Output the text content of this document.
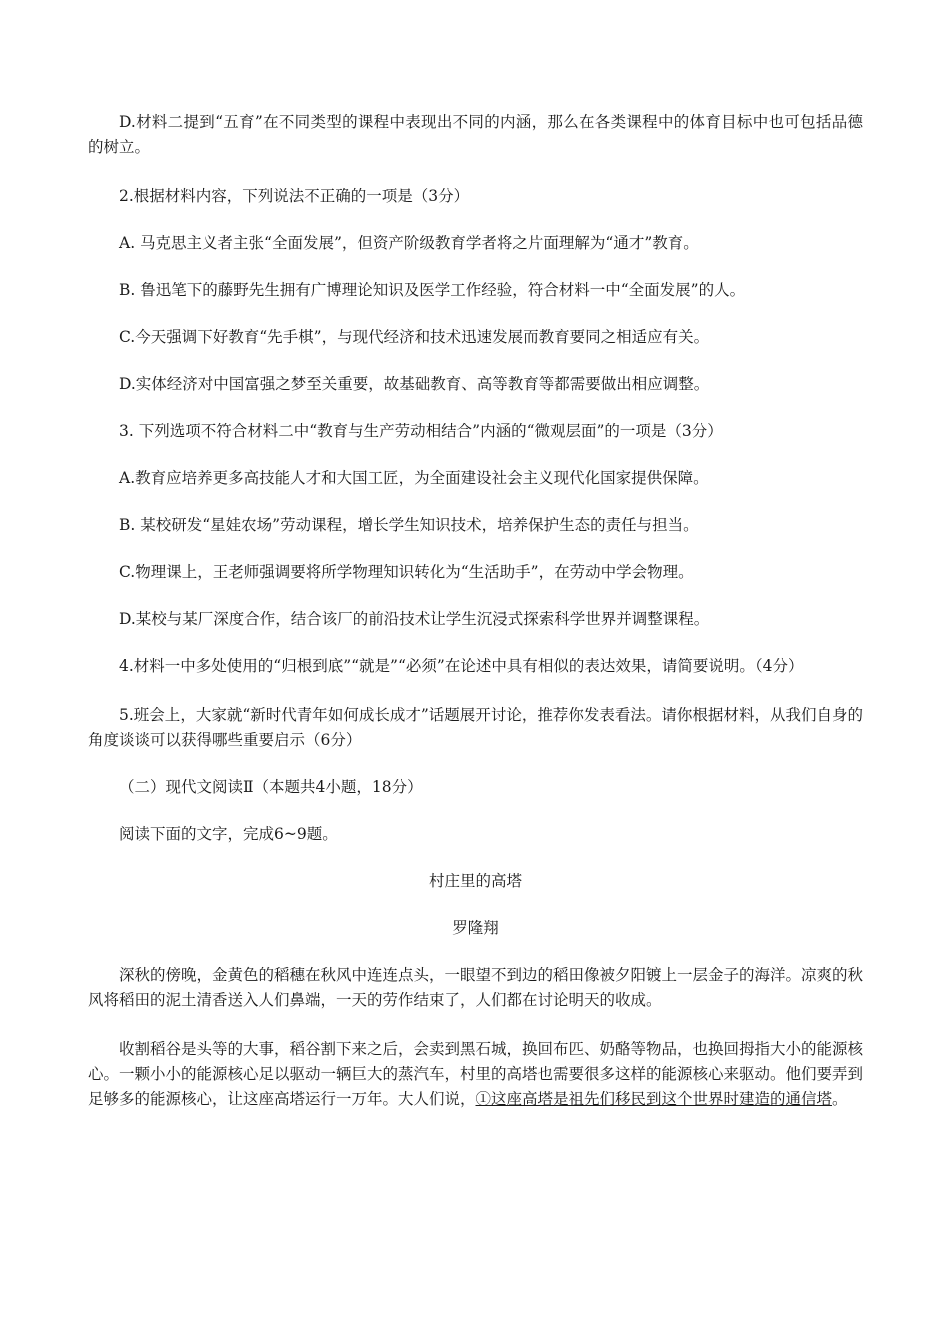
D.材料二提到“五育”在不同类型的课程中表现出不同的内涵，那么在各类课程中的体育目标中也可包括品德的树立。

2.根据材料内容，下列说法不正确的一项是（3分）

A. 马克思主义者主张“全面发展”，但资产阶级教育学者将之片面理解为“通才”教育。

B. 鲁迅笔下的藤野先生拥有广博理论知识及医学工作经验，符合材料一中“全面发展”的人。

C.今天强调下好教育“先手棋”，与现代经济和技术迅速发展而教育要同之相适应有关。

D.实体经济对中国富强之梦至关重要，故基础教育、高等教育等都需要做出相应调整。

3. 下列选项不符合材料二中“教育与生产劳动相结合”内涵的“微观层面”的一项是（3分）

A.教育应培养更多高技能人才和大国工匠，为全面建设社会主义现代化国家提供保障。

B. 某校研发“星娃农场”劳动课程，增长学生知识技术，培养保护生态的责任与担当。

C.物理课上，王老师强调要将所学物理知识转化为“生活助手”，在劳动中学会物理。

D.某校与某厂深度合作，结合该厂的前沿技术让学生沉浸式探索科学世界并调整课程。

4.材料一中多处使用的“归根到底”“就是”“必须”在论述中具有相似的表达效果，请简要说明。（4分）

5.班会上，大家就“新时代青年如何成长成才”话题展开讨论，推荐你发表看法。请你根据材料，从我们自身的角度谈谈可以获得哪些重要启示（6分）

（二）现代文阅读Ⅱ（本题共4小题，18分）

阅读下面的文字，完成6~9题。

村庄里的高塔

罗隆翔

深秋的傍晚，金黄色的稻穗在秋风中连连点头，一眼望不到边的稻田像被夕阳镀上一层金子的海洋。凉爽的秋风将稻田的泥土清香送入人们鼻端，一天的劳作结束了，人们都在讨论明天的收成。

收割稻谷是头等的大事，稻谷割下来之后，会卖到黑石城，换回布匹、奶酪等物品，也换回拇指大小的能源核心。一颗小小的能源核心足以驱动一辆巨大的蒸汽车，村里的高塔也需要很多这样的能源核心来驱动。他们要弄到足够多的能源核心，让这座高塔运行一万年。大人们说，①这座高塔是祖先们移民到这个世界时建造的通信塔。
